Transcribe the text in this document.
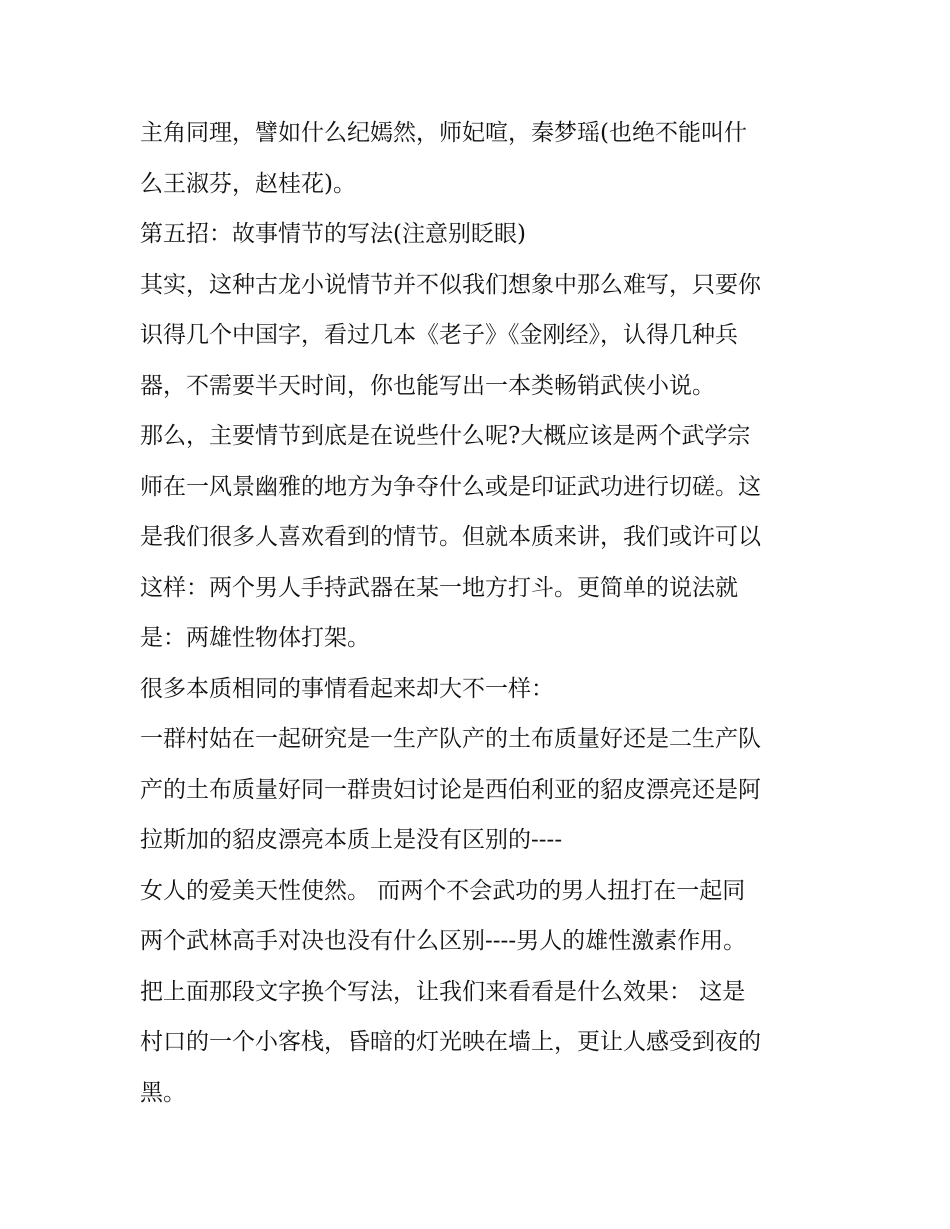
主角同理，譬如什么纪嫣然，师妃喧，秦梦瑶(也绝不能叫什

么王淑芬，赵桂花)。

第五招：故事情节的写法(注意别眨眼)

其实，这种古龙小说情节并不似我们想象中那么难写，只要你

识得几个中国字，看过几本《老子》《金刚经》，认得几种兵

器，不需要半天时间，你也能写出一本类畅销武侠小说。

那么，主要情节到底是在说些什么呢?大概应该是两个武学宗

师在一风景幽雅的地方为争夺什么或是印证武功进行切磋。这

是我们很多人喜欢看到的情节。但就本质来讲，我们或许可以

这样：两个男人手持武器在某一地方打斗。更简单的说法就

是：两雄性物体打架。

很多本质相同的事情看起来却大不一样：

一群村姑在一起研究是一生产队产的土布质量好还是二生产队

产的土布质量好同一群贵妇讨论是西伯利亚的貂皮漂亮还是阿

拉斯加的貂皮漂亮本质上是没有区别的----

女人的爱美天性使然。 而两个不会武功的男人扭打在一起同

两个武林高手对决也没有什么区别----男人的雄性激素作用。

把上面那段文字换个写法，让我们来看看是什么效果： 这是

村口的一个小客栈，昏暗的灯光映在墙上，更让人感受到夜的

黑。
